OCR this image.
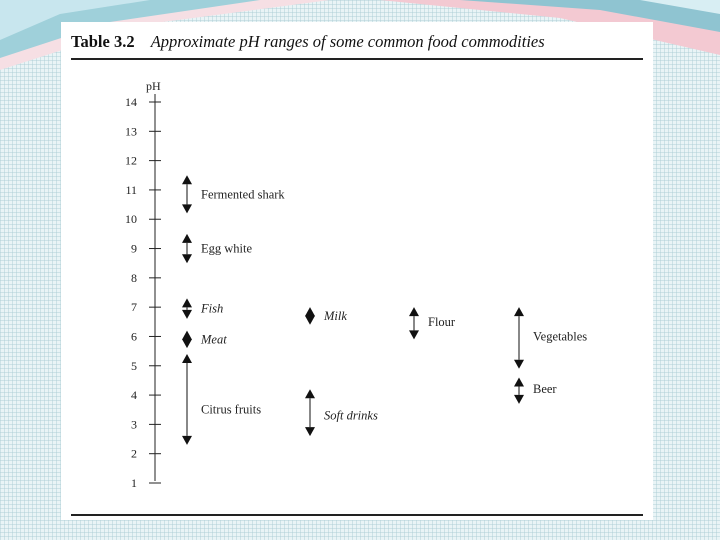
Table 3.2 Approximate pH ranges of some common food commodities
pH
1
2
3
4
5
6
7
8
9
10
11
12
13
14
Fermented shark
Egg white
Fish
Meat
Citrus fruits
Milk
Soft drinks
Flour
Vegetables
Beer
